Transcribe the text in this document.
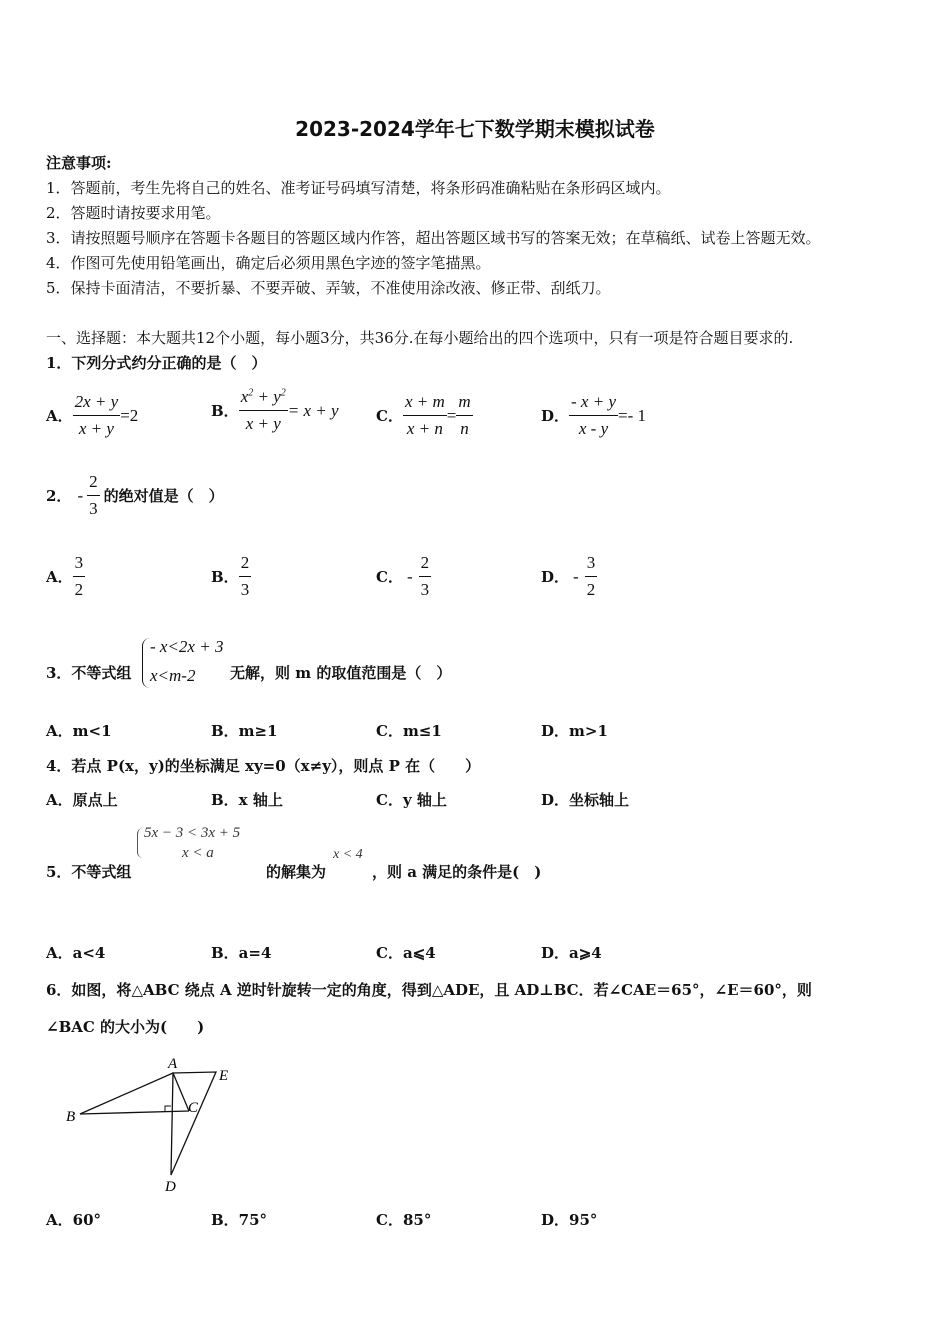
2023-2024学年七下数学期末模拟试卷
注意事项:
1．答题前，考生先将自己的姓名、准考证号码填写清楚，将条形码准确粘贴在条形码区域内。
2．答题时请按要求用笔。
3．请按照题号顺序在答题卡各题目的答题区域内作答，超出答题区域书写的答案无效；在草稿纸、试卷上答题无效。
4．作图可先使用铅笔画出，确定后必须用黑色字迹的签字笔描黑。
5．保持卡面清洁，不要折暴、不要弄破、弄皱，不准使用涂改液、修正带、刮纸刀。
一、选择题：本大题共12个小题，每小题3分，共36分.在每小题给出的四个选项中，只有一项是符合题目要求的.
1．下列分式约分正确的是（　）
A． $\frac{2x + y}{x + y} =2$	B． $\frac{x^2 + y^2}{x + y} = x + y$ C． $\frac{x + m}{x + n} = \frac{m}{n}$	D． $\frac{- x + y}{x - y} =- 1$
2． - $\frac{2}{3}$ 的绝对值是（　）
A． $\frac{3}{2}$	B． $\frac{2}{3}$	C． - $\frac{2}{3}$	D． - $\frac{3}{2}$
3．不等式组
- x<2x + 3
x<m-2 无解，则 m 的取值范围是（　）
A．m<1	B．m≥1	C．m≤1	D．m>1
4．若点 P(x，y)的坐标满足 xy=0（x≠y），则点 P 在（　　）
A．原点上	B．x 轴上	C．y 轴上	D．坐标轴上
5．不等式组
5x − 3 < 3x + 5
x < a
的解集为
x < 4
，则 a 满足的条件是(　)
A．a<4	B．a=4	C．a⩽4	D．a⩾4
6．如图，将△ABC 绕点 A 逆时针旋转一定的角度，得到△ADE，且 AD⊥BC．若∠CAE＝65°，∠E＝60°，则
∠BAC 的大小为(　　)
A
B
C
D
E
A．60°	B．75°	C．85°	D．95°
